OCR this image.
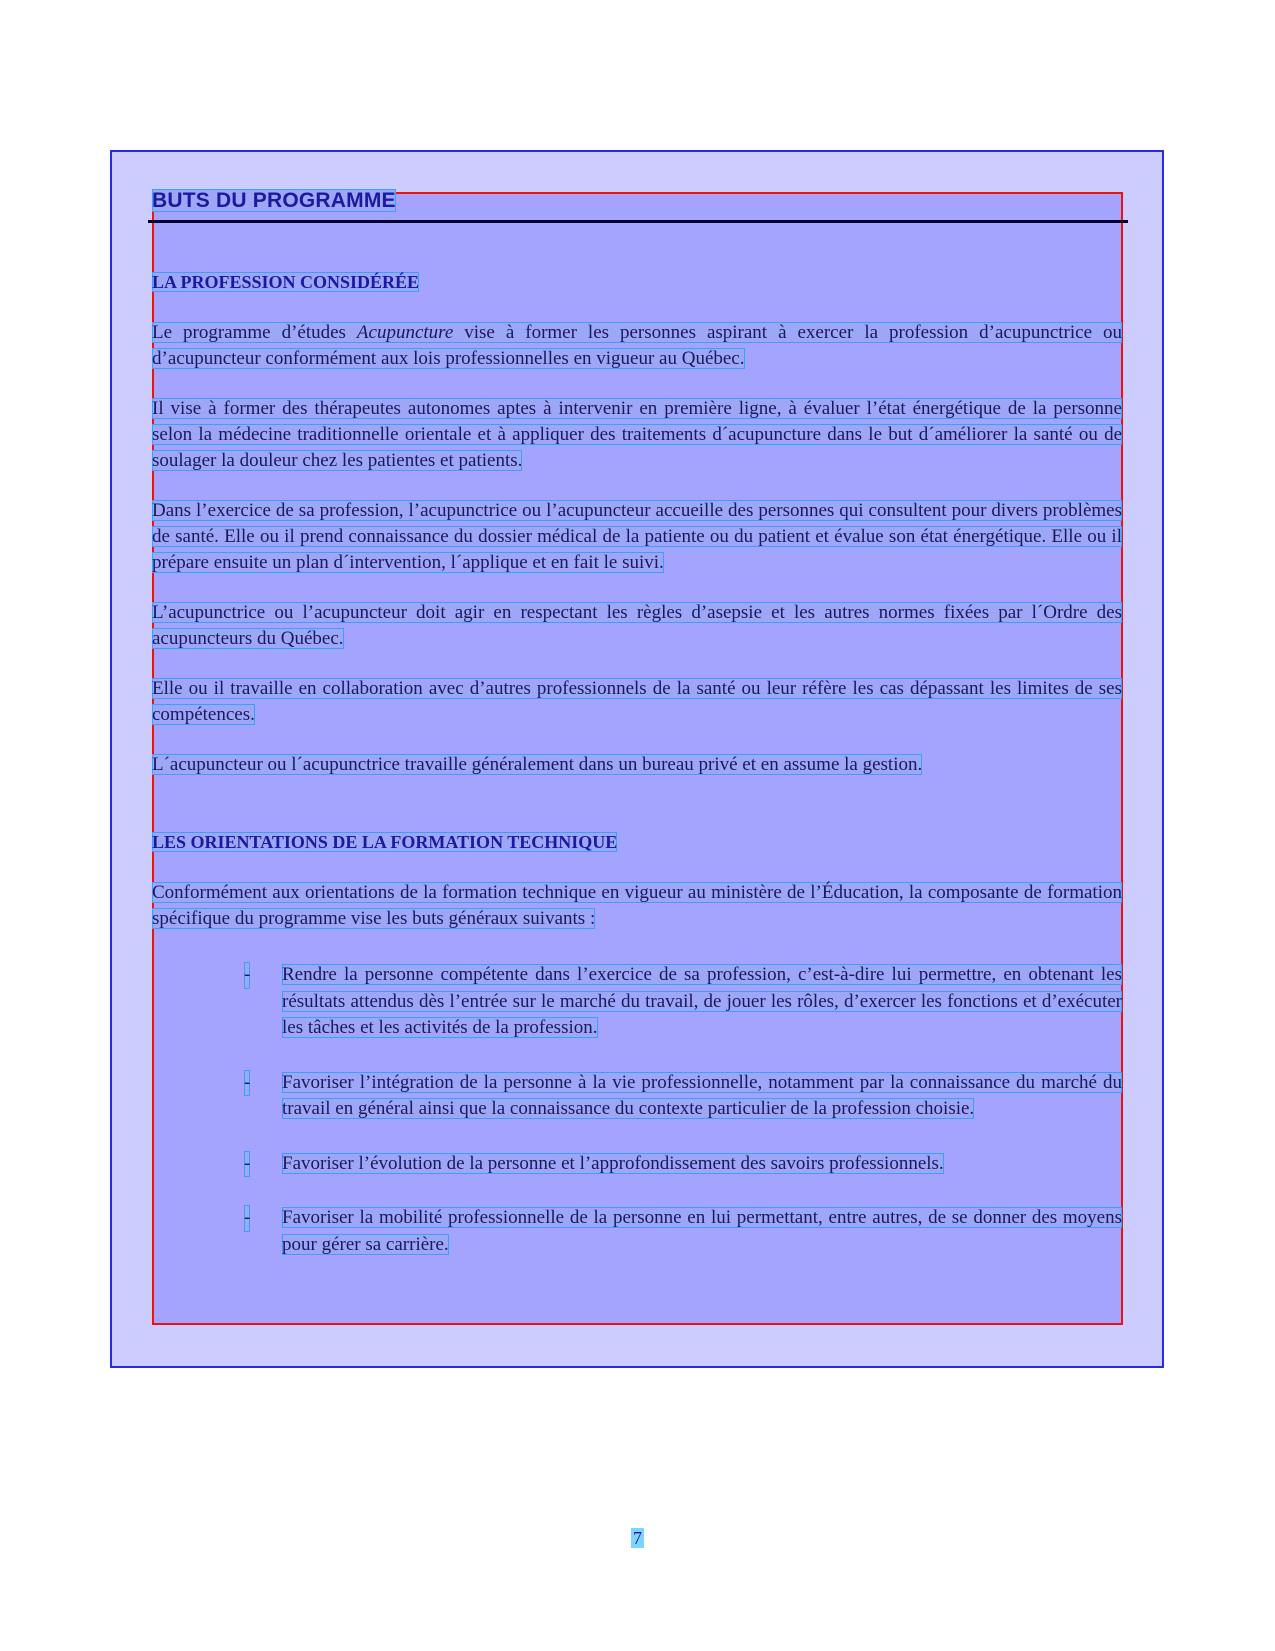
BUTS DU PROGRAMME
LA PROFESSION CONSIDÉRÉE

Le programme d’études Acupuncture vise à former les personnes aspirant à exercer la profession d’acupunctrice ou d’acupuncteur conformément aux lois professionnelles en vigueur au Québec.

Il vise à former des thérapeutes autonomes aptes à intervenir en première ligne, à évaluer l’état énergétique de la personne selon la médecine traditionnelle orientale et à appliquer des traitements d´acupuncture dans le but d´améliorer la santé ou de soulager la douleur chez les patientes et patients.

Dans l’exercice de sa profession, l’acupunctrice ou l’acupuncteur accueille des personnes qui consultent pour divers problèmes de santé. Elle ou il prend connaissance du dossier médical de la patiente ou du patient et évalue son état énergétique. Elle ou il prépare ensuite un plan d´intervention, l´applique et en fait le suivi.

L’acupunctrice ou l’acupuncteur doit agir en respectant les règles d’asepsie et les autres normes fixées par l´Ordre des acupuncteurs du Québec.

Elle ou il travaille en collaboration avec d’autres professionnels de la santé ou leur réfère les cas dépassant les limites de ses compétences.

L´acupuncteur ou l´acupunctrice travaille généralement dans un bureau privé et en assume la gestion.

LES ORIENTATIONS DE LA FORMATION TECHNIQUE

Conformément aux orientations de la formation technique en vigueur au ministère de l’Éducation, la composante de formation spécifique du programme vise les buts généraux suivants :

- Rendre la personne compétente dans l’exercice de sa profession, c’est-à-dire lui permettre, en obtenant les résultats attendus dès l’entrée sur le marché du travail, de jouer les rôles, d’exercer les fonctions et d’exécuter les tâches et les activités de la profession.
- Favoriser l’intégration de la personne à la vie professionnelle, notamment par la connaissance du marché du travail en général ainsi que la connaissance du contexte particulier de la profession choisie.
- Favoriser l’évolution de la personne et l’approfondissement des savoirs professionnels.
- Favoriser la mobilité professionnelle de la personne en lui permettant, entre autres, de se donner des moyens pour gérer sa carrière.
7
